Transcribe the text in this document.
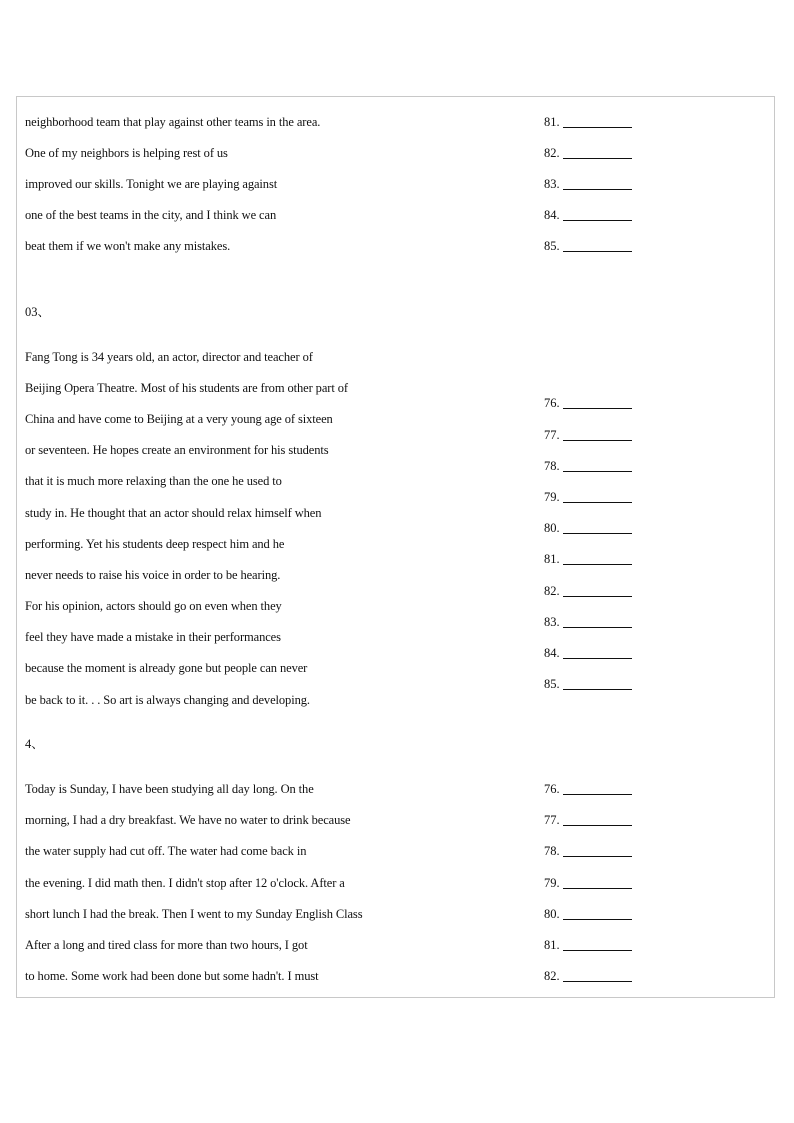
neighborhood team that play against other teams in the area.
One of my neighbors is helping rest of us
improved our skills. Tonight we are playing against
one of the best teams in the city, and I think we can
beat them if we won't make any mistakes.
81.
82.
83.
84.
85.
03、
Fang Tong is 34 years old, an actor, director and teacher of
Beijing Opera Theatre. Most of his students are from other part of
China and have come to Beijing at a very young age of sixteen
or seventeen. He hopes create an environment for his students
that it is much more relaxing than the one he used to
study in. He thought that an actor should relax himself when
performing. Yet his students deep respect him and he
never needs to raise his voice in order to be hearing.
For his opinion, actors should go on even when they
feel they have made a mistake in their performances
because the moment is already gone but people can never
be back to it. . . So art is always changing and developing.
76.
77.
78.
79.
80.
81.
82.
83.
84.
85.
4、
Today is Sunday, I have been studying all day long. On the
morning, I had a dry breakfast. We have no water to drink because
the water supply had cut off. The water had come back in
the evening. I did math then. I didn't stop after 12 o'clock. After a
short lunch I had the break. Then I went to my Sunday English Class
After a long and tired class for more than two hours, I got
to home. Some work had been done but some hadn't. I must
76.
77.
78.
79.
80.
81.
82.
